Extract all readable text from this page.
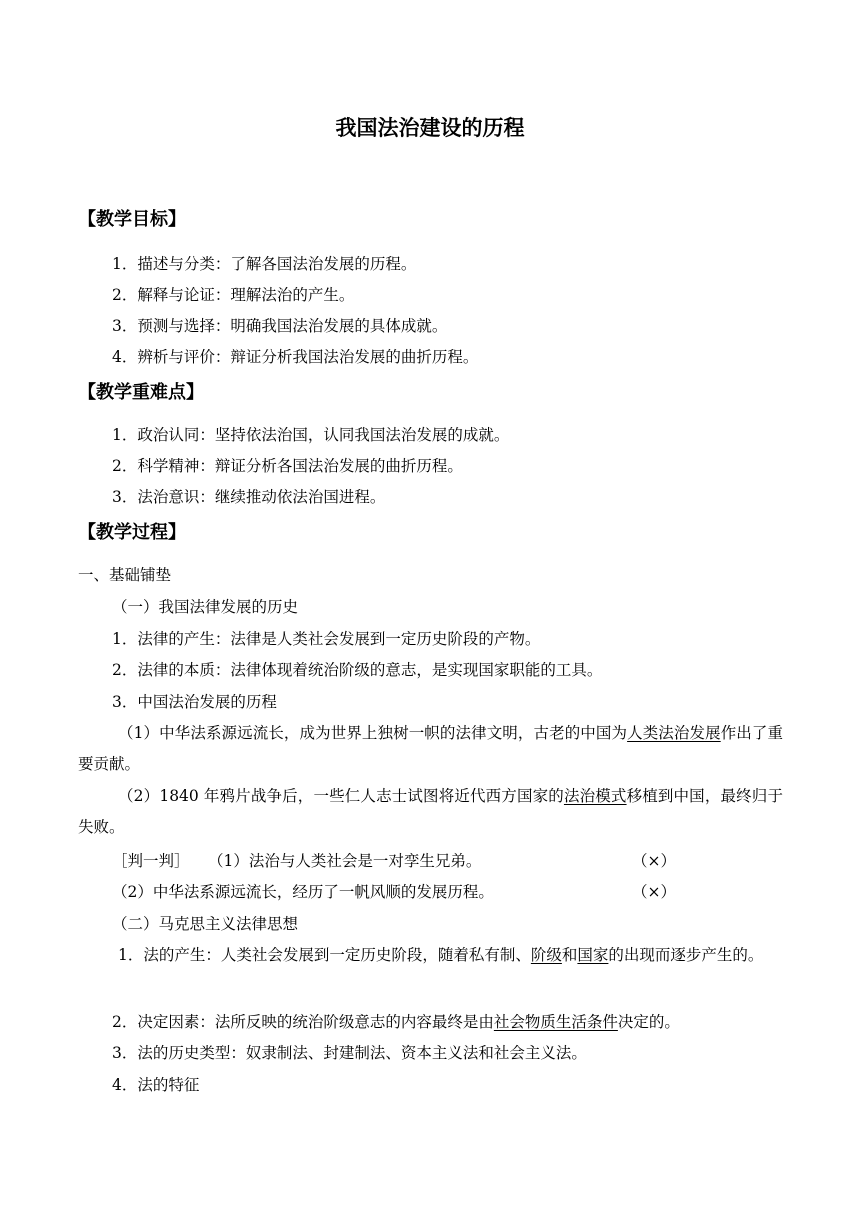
我国法治建设的历程
【教学目标】
1．描述与分类：了解各国法治发展的历程。
2．解释与论证：理解法治的产生。
3．预测与选择：明确我国法治发展的具体成就。
4．辨析与评价：辩证分析我国法治发展的曲折历程。
【教学重难点】
1．政治认同：坚持依法治国，认同我国法治发展的成就。
2．科学精神：辩证分析各国法治发展的曲折历程。
3．法治意识：继续推动依法治国进程。
【教学过程】
一、基础铺垫
（一）我国法律发展的历史
1．法律的产生：法律是人类社会发展到一定历史阶段的产物。
2．法律的本质：法律体现着统治阶级的意志，是实现国家职能的工具。
3．中国法治发展的历程
（1）中华法系源远流长，成为世界上独树一帜的法律文明，古老的中国为人类法治发展作出了重要贡献。
（2）1840 年鸦片战争后，一些仁人志士试图将近代西方国家的法治模式移植到中国，最终归于失败。
［判一判］ （1）法治与人类社会是一对孪生兄弟。	（×）
（2）中华法系源远流长，经历了一帆风顺的发展历程。	（×）
（二）马克思主义法律思想
1．法的产生：人类社会发展到一定历史阶段，随着私有制、阶级和国家的出现而逐步产生的。
2．决定因素：法所反映的统治阶级意志的内容最终是由社会物质生活条件决定的。
3．法的历史类型：奴隶制法、封建制法、资本主义法和社会主义法。
4．法的特征
